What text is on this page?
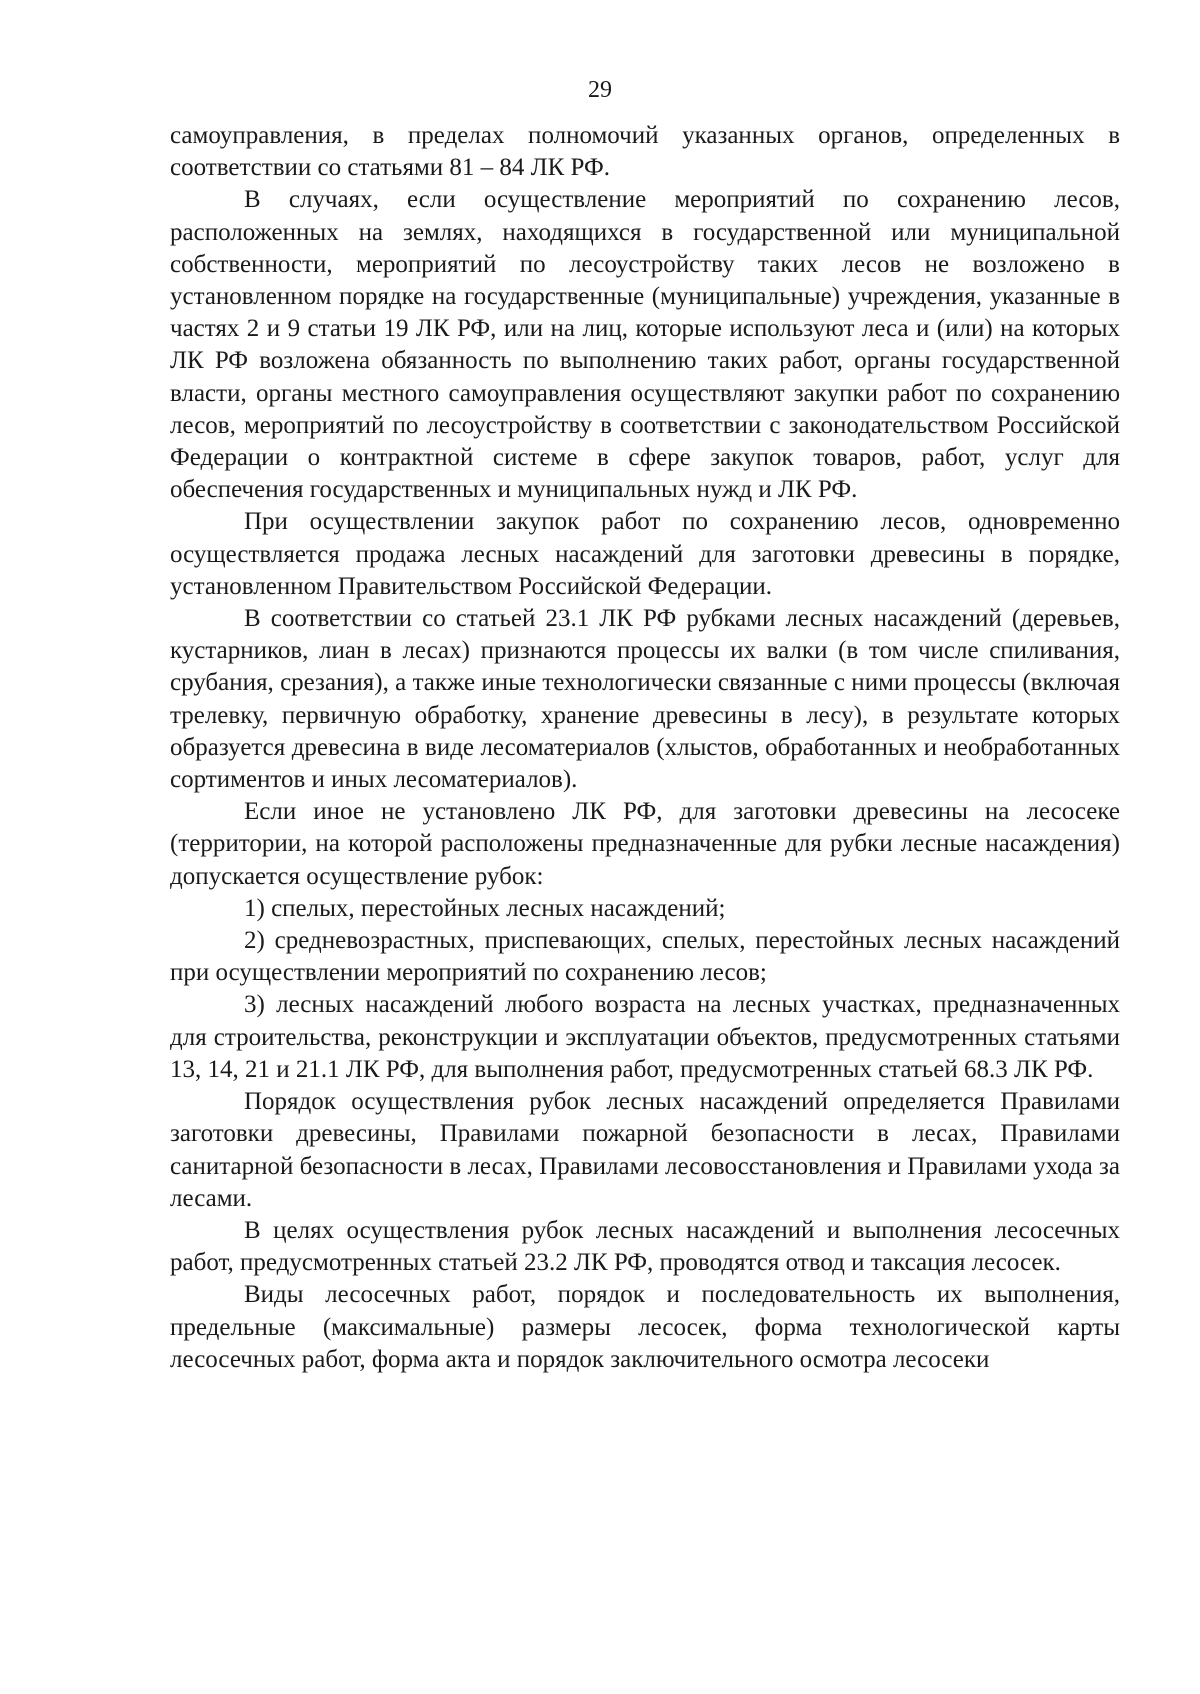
29

самоуправления, в пределах полномочий указанных органов, определенных в соответствии со статьями 81 – 84 ЛК РФ.

В случаях, если осуществление мероприятий по сохранению лесов, расположенных на землях, находящихся в государственной или муниципальной собственности, мероприятий по лесоустройству таких лесов не возложено в установленном порядке на государственные (муниципальные) учреждения, указанные в частях 2 и 9 статьи 19 ЛК РФ, или на лиц, которые используют леса и (или) на которых ЛК РФ возложена обязанность по выполнению таких работ, органы государственной власти, органы местного самоуправления осуществляют закупки работ по сохранению лесов, мероприятий по лесоустройству в соответствии с законодательством Российской Федерации о контрактной системе в сфере закупок товаров, работ, услуг для обеспечения государственных и муниципальных нужд и ЛК РФ.

При осуществлении закупок работ по сохранению лесов, одновременно осуществляется продажа лесных насаждений для заготовки древесины в порядке, установленном Правительством Российской Федерации.

В соответствии со статьей 23.1 ЛК РФ рубками лесных насаждений (деревьев, кустарников, лиан в лесах) признаются процессы их валки (в том числе спиливания, срубания, срезания), а также иные технологически связанные с ними процессы (включая трелевку, первичную обработку, хранение древесины в лесу), в результате которых образуется древесина в виде лесоматериалов (хлыстов, обработанных и необработанных сортиментов и иных лесоматериалов).

Если иное не установлено ЛК РФ, для заготовки древесины на лесосеке (территории, на которой расположены предназначенные для рубки лесные насаждения) допускается осуществление рубок:

1) спелых, перестойных лесных насаждений;

2) средневозрастных, приспевающих, спелых, перестойных лесных насаждений при осуществлении мероприятий по сохранению лесов;

3) лесных насаждений любого возраста на лесных участках, предназначенных для строительства, реконструкции и эксплуатации объектов, предусмотренных статьями 13, 14, 21 и 21.1 ЛК РФ, для выполнения работ, предусмотренных статьей 68.3 ЛК РФ.

Порядок осуществления рубок лесных насаждений определяется Правилами заготовки древесины, Правилами пожарной безопасности в лесах, Правилами санитарной безопасности в лесах, Правилами лесовосстановления и Правилами ухода за лесами.

В целях осуществления рубок лесных насаждений и выполнения лесосечных работ, предусмотренных статьей 23.2 ЛК РФ, проводятся отвод и таксация лесосек.

Виды лесосечных работ, порядок и последовательность их выполнения, предельные (максимальные) размеры лесосек, форма технологической карты лесосечных работ, форма акта и порядок заключительного осмотра лесосеки
